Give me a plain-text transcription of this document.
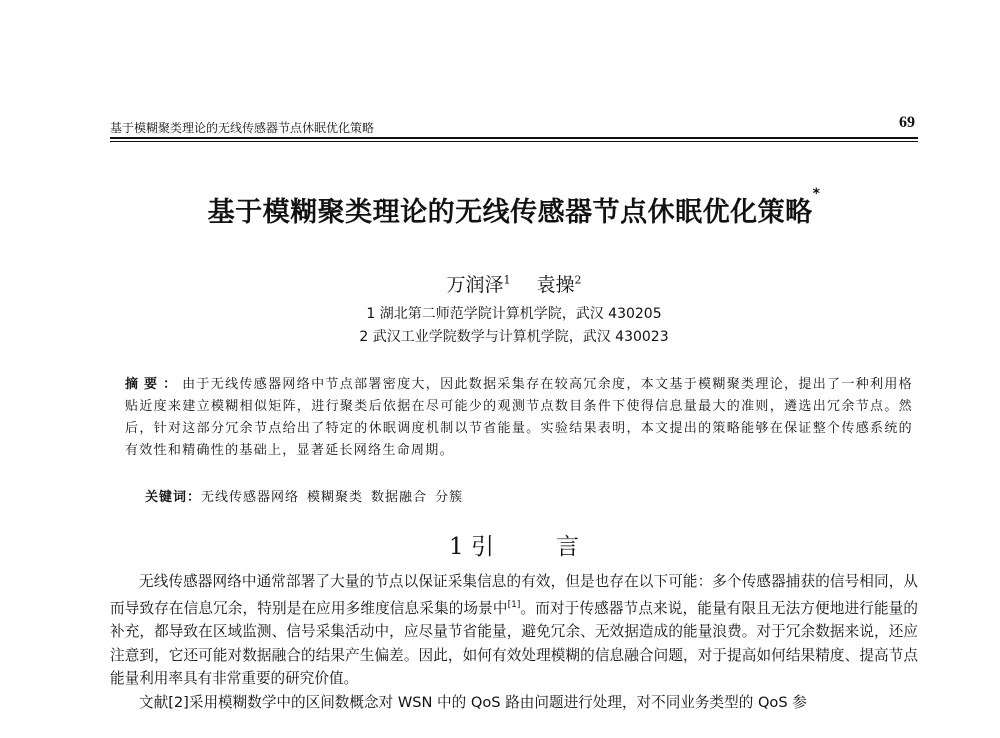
基于模糊聚类理论的无线传感器节点休眠优化策略	69
基于模糊聚类理论的无线传感器节点休眠优化策略*
万润泽$^1$ 袁操$^2$
1 湖北第二师范学院计算机学院，武汉 430205
2 武汉工业学院数学与计算机学院，武汉 430023
摘要：由于无线传感器网络中节点部署密度大，因此数据采集存在较高冗余度，本文基于模糊聚类理论，提出了一种利用格贴近度来建立模糊相似矩阵，进行聚类后依据在尽可能少的观测节点数目条件下使得信息量最大的准则，遴选出冗余节点。然后，针对这部分冗余节点给出了特定的休眠调度机制以节省能量。实验结果表明，本文提出的策略能够在保证整个传感系统的有效性和精确性的基础上，显著延长网络生命周期。
关键词：无线传感器网络 模糊聚类 数据融合 分簇
1 引	言

无线传感器网络中通常部署了大量的节点以保证采集信息的有效，但是也存在以下可能：多个传感器捕获的信号相同，从而导致存在信息冗余，特别是在应用多维度信息采集的场景中[1]。而对于传感器节点来说，能量有限且无法方便地进行能量的补充，都导致在区域监测、信号采集活动中，应尽量节省能量，避免冗余、无效据造成的能量浪费。对于冗余数据来说，还应注意到，它还可能对数据融合的结果产生偏差。因此，如何有效处理模糊的信息融合问题，对于提高如何结果精度、提高节点能量利用率具有非常重要的研究价值。

文献[2]采用模糊数学中的区间数概念对 WSN 中的 QoS 路由问题进行处理，对不同业务类型的 QoS 参
